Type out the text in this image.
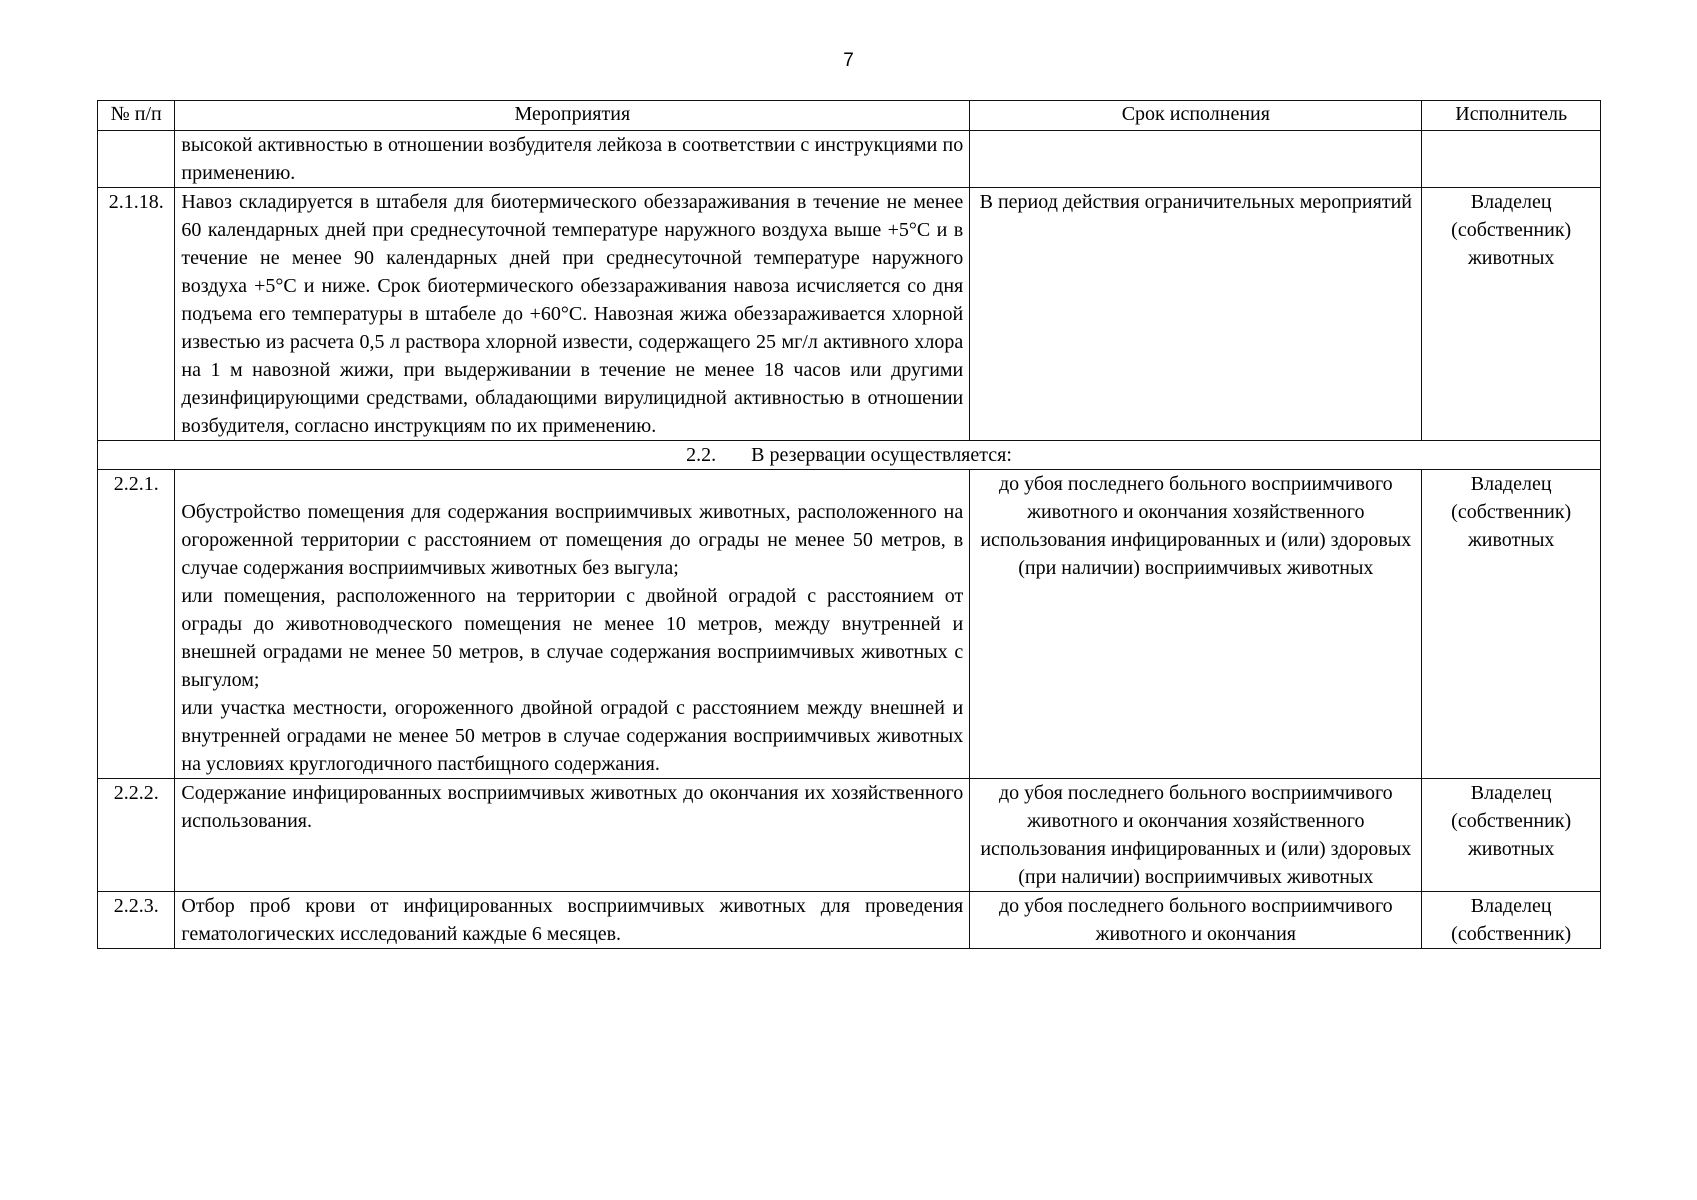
7
№ п/п	Мероприятия	Срок исполнения	Исполнитель
	высокой активностью в отношении возбудителя лейкоза в соответствии с инструкциями по применению.		
2.1.18.	Навоз складируется в штабеля для биотермического обеззараживания в течение не менее 60 календарных дней при среднесуточной температуре наружного воздуха выше +5°С и в течение не менее 90 календарных дней при среднесуточной температуре наружного воздуха +5°С и ниже. Срок биотермического обеззараживания навоза исчисляется со дня подъема его температуры в штабеле до +60°С. Навозная жижа обеззараживается хлорной известью из расчета 0,5 л раствора хлорной извести, содержащего 25 мг/л активного хлора на 1 м навозной жижи, при выдерживании в течение не менее 18 часов или другими дезинфицирующими средствами, обладающими вирулицидной активностью в отношении возбудителя, согласно инструкциям по их применению.	В период действия ограничительных мероприятий	Владелец (собственник) животных
2.2. В резервации осуществляется:			
2.2.1.	Обустройство помещения для содержания восприимчивых животных, расположенного на огороженной территории с расстоянием от помещения до ограды не менее 50 метров, в случае содержания восприимчивых животных без выгула;

или помещения, расположенного на территории с двойной оградой с расстоянием от ограды до животноводческого помещения не менее 10 метров, между внутренней и внешней оградами не менее 50 метров, в случае содержания восприимчивых животных с выгулом;

или участка местности, огороженного двойной оградой с расстоянием между внешней и внутренней оградами не менее 50 метров в случае содержания восприимчивых животных на условиях круглогодичного пастбищного содержания.	до убоя последнего больного восприимчивого животного и окончания хозяйственного использования инфицированных и (или) здоровых (при наличии) восприимчивых животных	Владелец (собственник) животных
2.2.2.	Содержание инфицированных восприимчивых животных до окончания их хозяйственного использования.	до убоя последнего больного восприимчивого животного и окончания хозяйственного использования инфицированных и (или) здоровых (при наличии) восприимчивых животных	Владелец (собственник) животных
2.2.3.	Отбор проб крови от инфицированных восприимчивых животных для проведения гематологических исследований каждые 6 месяцев.	до убоя последнего больного восприимчивого животного и окончания	Владелец (собственник)
